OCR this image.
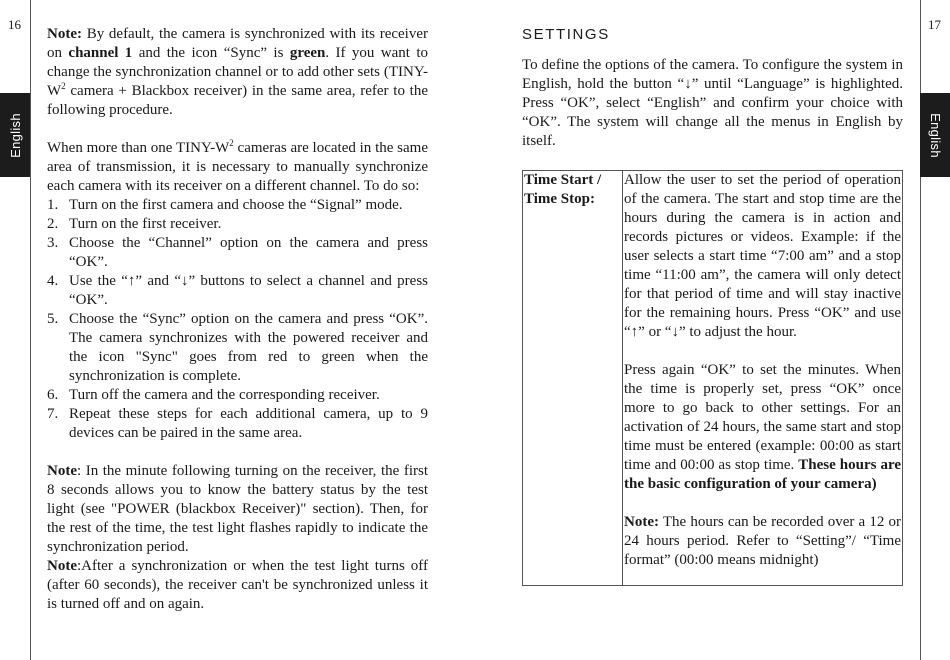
16	17
English	English

Note: By default, the camera is synchronized with its receiver on channel 1 and the icon “Sync” is green. If you want to change the synchronization channel or to add other sets ($TINY-W^2$ camera + Blackbox receiver) in the same area, refer to the following procedure.

When more than one TINY-$W^2$ cameras are located in the same area of transmission, it is necessary to manually synchronize each camera with its receiver on a different channel. To do so:

1. Turn on the first camera and choose the “Signal” mode.
2. Turn on the first receiver.
3. Choose the “Channel” option on the camera and press “OK”.
4. Use the “↑” and “↓” buttons to select a channel and press “OK”.
5. Choose the “Sync” option on the camera and press “OK”. The camera synchronizes with the powered receiver and the icon "Sync" goes from red to green when the synchronization is complete.
6. Turn off the camera and the corresponding receiver.
7. Repeat these steps for each additional camera, up to 9 devices can be paired in the same area.

Note: In the minute following turning on the receiver, the first 8 seconds allows you to know the battery status by the test light (see "POWER (blackbox Receiver)" section). Then, for the rest of the time, the test light flashes rapidly to indicate the synchronization period.

Note:After a synchronization or when the test light turns off (after 60 seconds), the receiver can't be synchronized unless it is turned off and on again.

SETTINGS

To define the options of the camera. To configure the system in English, hold the button “↓” until “Language” is highlighted. Press “OK”, select “English” and confirm your choice with “OK”. The system will change all the menus in English by itself.

Time Start /
Time Stop:

Allow the user to set the period of operation of the camera. The start and stop time are the hours during the camera is in action and records pictures or videos. Example: if the user selects a start time “7:00 am” and a stop time “11:00 am”, the camera will only detect for that period of time and will stay inactive for the remaining hours. Press “OK” and use “↑” or “↓” to adjust the hour.

Press again “OK” to set the minutes. When the time is properly set, press “OK” once more to go back to other settings. For an activation of 24 hours, the same start and stop time must be entered (example: 00:00 as start time and 00:00 as stop time. These hours are the basic configuration of your camera)

Note: The hours can be recorded over a 12 or 24 hours period. Refer to “Setting”/ “Time format” (00:00 means midnight)
